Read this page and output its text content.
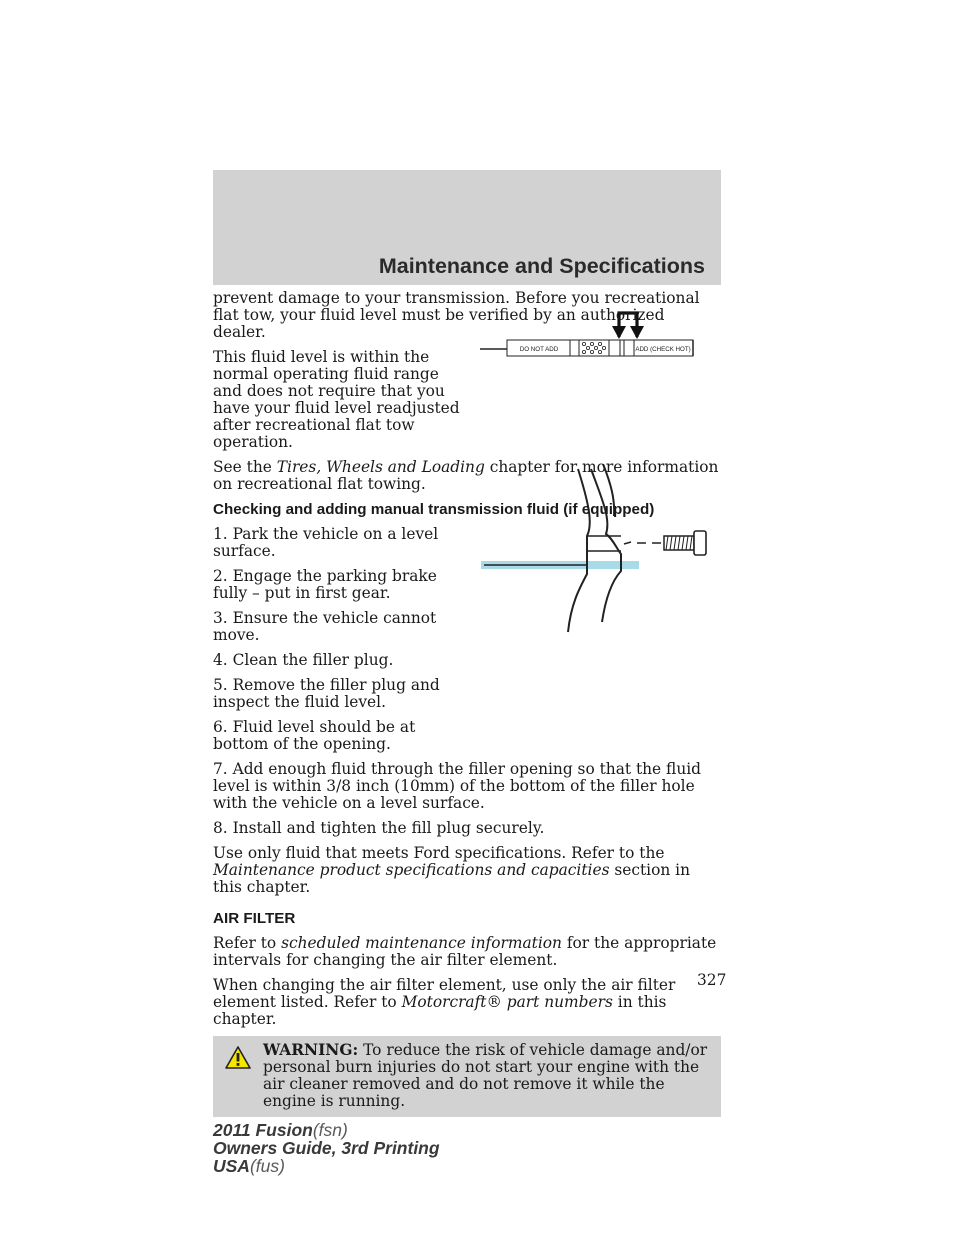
Maintenance and Specifications
DO NOT ADD	ADD (CHECK HOT)

prevent damage to your transmission. Before you recreational flat tow, your fluid level must be verified by an authorized dealer.

This fluid level is within the normal operating fluid range and does not require that you have your fluid level readjusted after recreational flat tow operation.

See the Tires, Wheels and Loading chapter for more information on recreational flat towing.

Checking and adding manual transmission fluid (if equipped)

1. Park the vehicle on a level surface.

2. Engage the parking brake fully – put in first gear.

3. Ensure the vehicle cannot move.

4. Clean the filler plug.

5. Remove the filler plug and inspect the fluid level.

6. Fluid level should be at bottom of the opening.

7. Add enough fluid through the filler opening so that the fluid level is within 3/8 inch (10mm) of the bottom of the filler hole with the vehicle on a level surface.

8. Install and tighten the fill plug securely.

Use only fluid that meets Ford specifications. Refer to the Maintenance product specifications and capacities section in this chapter.

AIR FILTER

Refer to scheduled maintenance information for the appropriate intervals for changing the air filter element.

When changing the air filter element, use only the air filter element listed. Refer to Motorcraft® part numbers in this chapter.

WARNING: To reduce the risk of vehicle damage and/or personal burn injuries do not start your engine with the air cleaner removed and do not remove it while the engine is running.
327
2011 Fusion(fsn)
Owners Guide, 3rd Printing
USA(fus)
